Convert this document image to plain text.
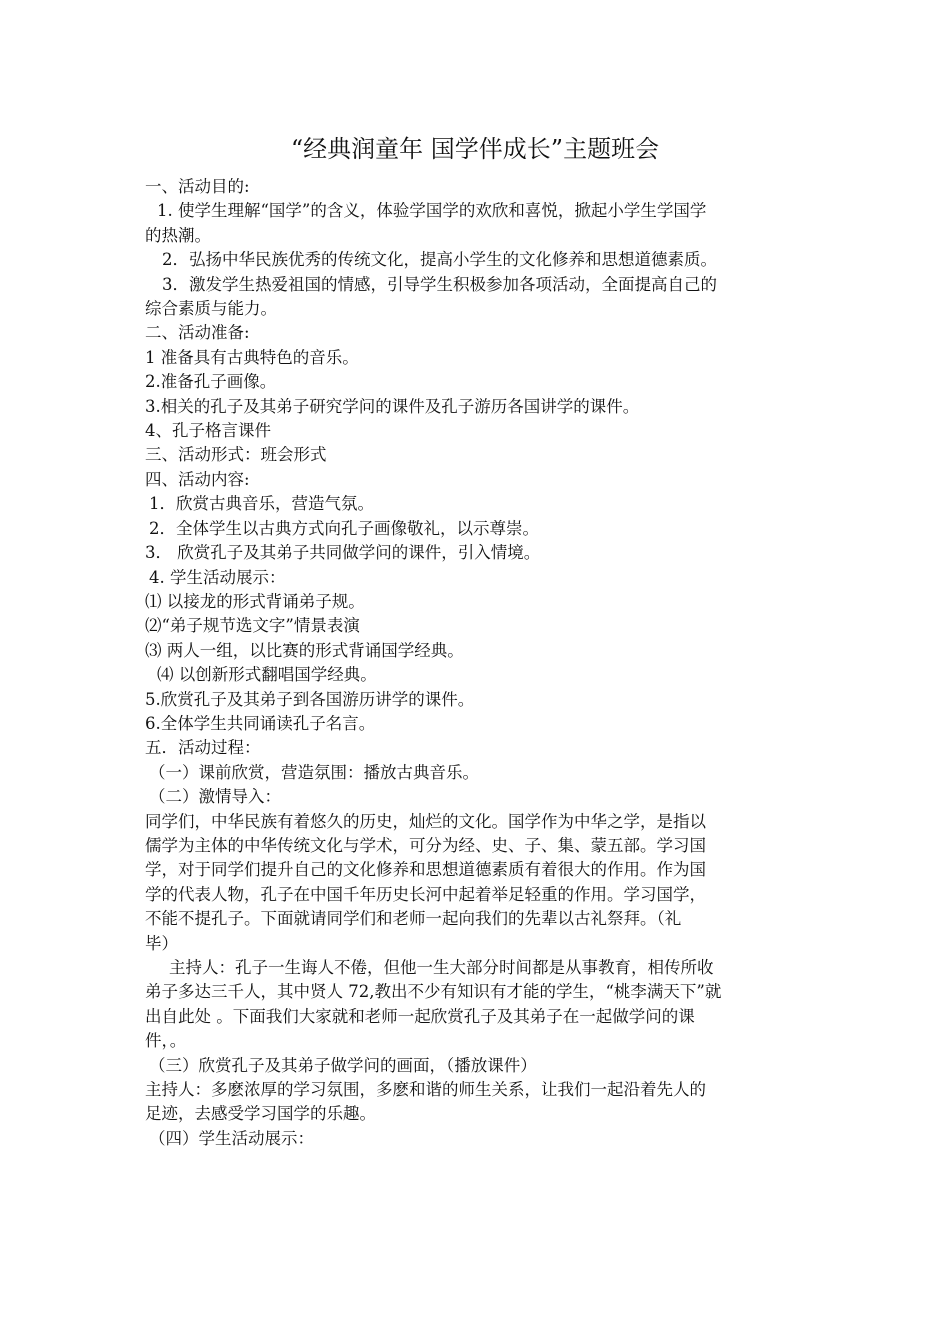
“经典润童年 国学伴成长”主题班会

一、活动目的:

1. 使学生理解“国学”的含义，体验学国学的欢欣和喜悦，掀起小学生学国学

的热潮。

2．弘扬中华民族优秀的传统文化，提高小学生的文化修养和思想道德素质。

3．激发学生热爱祖国的情感，引导学生积极参加各项活动，全面提高自己的

综合素质与能力。

二、活动准备:

1 准备具有古典特色的音乐。

2.准备孔子画像。

3.相关的孔子及其弟子研究学问的课件及孔子游历各国讲学的课件。

4、孔子格言课件

三、活动形式：班会形式

四、活动内容:

1．欣赏古典音乐，营造气氛。

2．全体学生以古典方式向孔子画像敬礼，以示尊崇。

3． 欣赏孔子及其弟子共同做学问的课件，引入情境。

4. 学生活动展示：

⑴ 以接龙的形式背诵弟子规。

⑵“弟子规节选文字”情景表演

⑶ 两人一组，以比赛的形式背诵国学经典。

⑷ 以创新形式翻唱国学经典。

5.欣赏孔子及其弟子到各国游历讲学的课件。

6.全体学生共同诵读孔子名言。

五．活动过程：

（一）课前欣赏，营造氛围：播放古典音乐。

（二）激情导入：

同学们，中华民族有着悠久的历史，灿烂的文化。国学作为中华之学，是指以

儒学为主体的中华传统文化与学术，可分为经、史、子、集、蒙五部。学习国

学，对于同学们提升自己的文化修养和思想道德素质有着很大的作用。作为国

学的代表人物，孔子在中国千年历史长河中起着举足轻重的作用。学习国学，

不能不提孔子。下面就请同学们和老师一起向我们的先辈以古礼祭拜。（礼

毕）

主持人：孔子一生诲人不倦，但他一生大部分时间都是从事教育，相传所收

弟子多达三千人，其中贤人 72,教出不少有知识有才能的学生，“桃李满天下”就

出自此处 。下面我们大家就和老师一起欣赏孔子及其弟子在一起做学问的课

件，。

（三）欣赏孔子及其弟子做学问的画面，（播放课件）

主持人：多麽浓厚的学习氛围，多麽和谐的师生关系，让我们一起沿着先人的

足迹，去感受学习国学的乐趣。

（四）学生活动展示：
